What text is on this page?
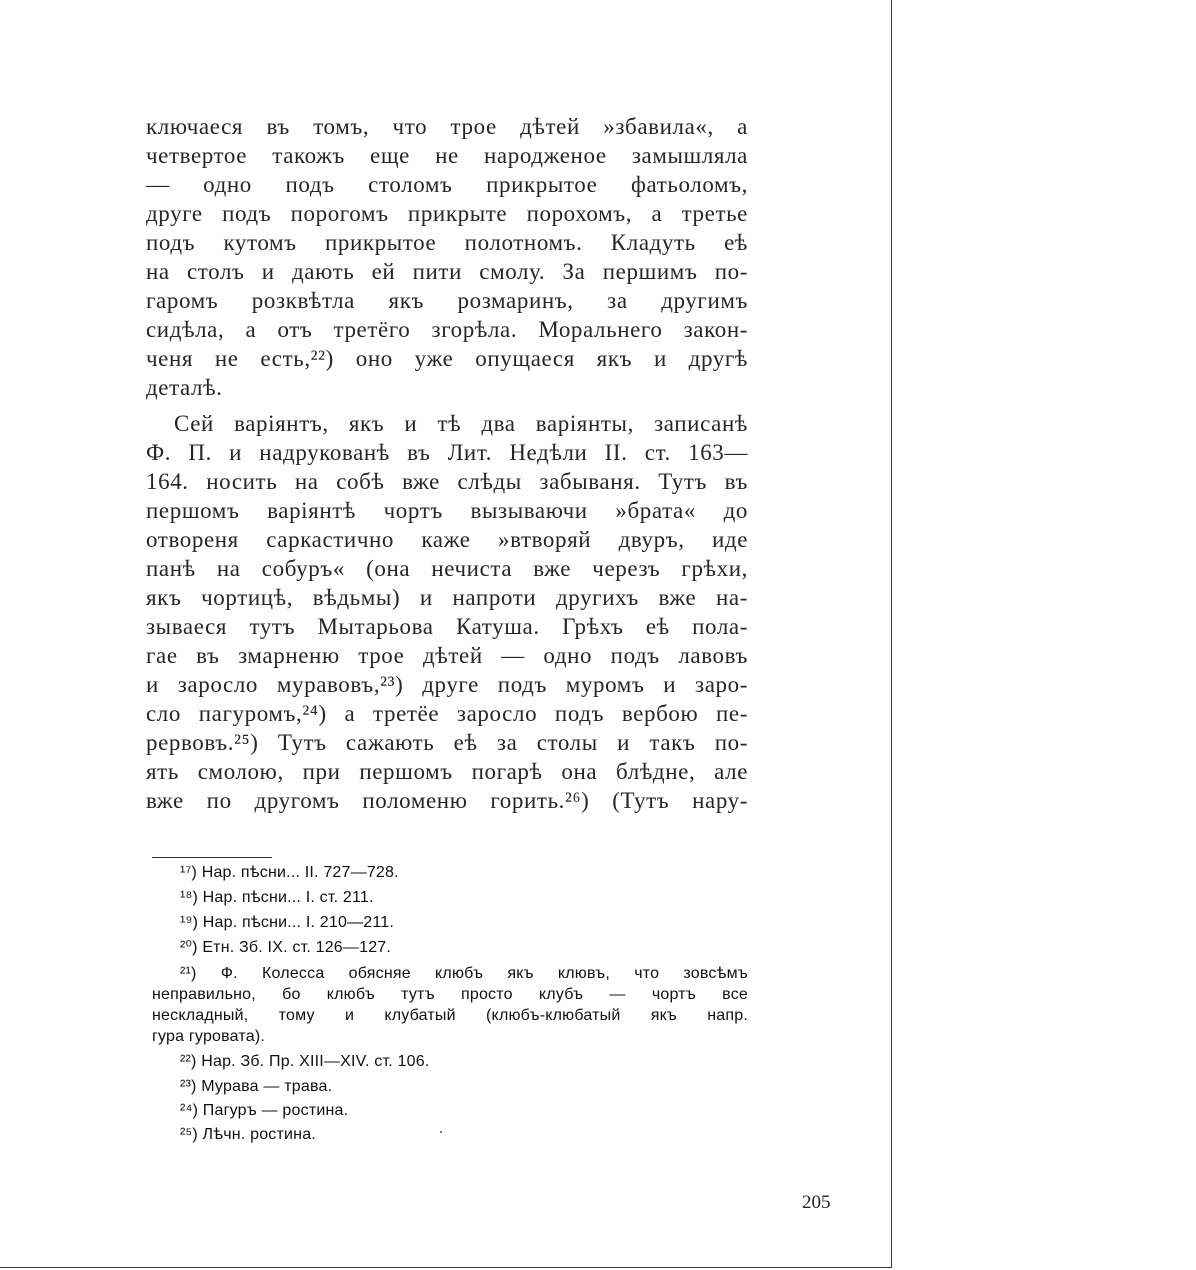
ключаеся въ томъ, что трое дѣтей »збавила«, а
четвертое такожъ еще не народженое замышляла
— одно подъ столомъ прикрытое фатьоломъ,
друге подъ порогомъ прикрыте порохомъ, а третье
подъ кутомъ прикрытое полотномъ. Кладуть еѣ
на столъ и дають ей пити смолу. За першимъ по-
гаромъ розквѣтла якъ розмаринъ, за другимъ
сидѣла, а отъ третёго згорѣла. Моральнего закон-
ченя не есть,²²) оно уже опущаеся якъ и другѣ
деталѣ.
Сей варіянтъ, якъ и тѣ два варіянты, записанѣ
Ф. П. и надрукованѣ въ Лит. Недѣли II. ст. 163—
164. носить на собѣ вже слѣды забываня. Тутъ въ
першомъ варіянтѣ чортъ вызываючи »брата« до
отвореня саркастично каже »втворяй двуръ, иде
панѣ на собуръ« (она нечиста вже черезъ грѣхи,
якъ чортицѣ, вѣдьмы) и напроти другихъ вже на-
зываеся тутъ Мытарьова Катуша. Грѣхъ еѣ пола-
гае въ змарненю трое дѣтей — одно подъ лавовъ
и заросло муравовъ,²³) друге подъ муромъ и заро-
сло пагуромъ,²⁴) а третёе заросло подъ вербою пе-
рервовъ.²⁵) Тутъ сажають еѣ за столы и такъ по-
ять смолою, при першомъ погарѣ она блѣдне, але
вже по другомъ поломеню горить.²⁶) (Тутъ нару-
¹⁷) Нар. пѣсни... II. 727—728.
¹⁸) Нар. пѣсни... I. ст. 211.
¹⁹) Нар. пѣсни... I. 210—211.
²⁰) Етн. Зб. IX. ст. 126—127.
²¹) Ф. Колесса обясняе клюбъ якъ клювъ, что зовсѣмъ
неправильно, бо клюбъ тутъ просто клубъ — чортъ все
нескладный, тому и клубатый (клюбъ-клюбатый якъ напр.
гура гуровата).
²²) Нар. Зб. Пр. XIII—XIV. ст. 106.
²³) Мурава — трава.
²⁴) Пагуръ — ростина.
²⁵) Лѣчн. ростина.
205
